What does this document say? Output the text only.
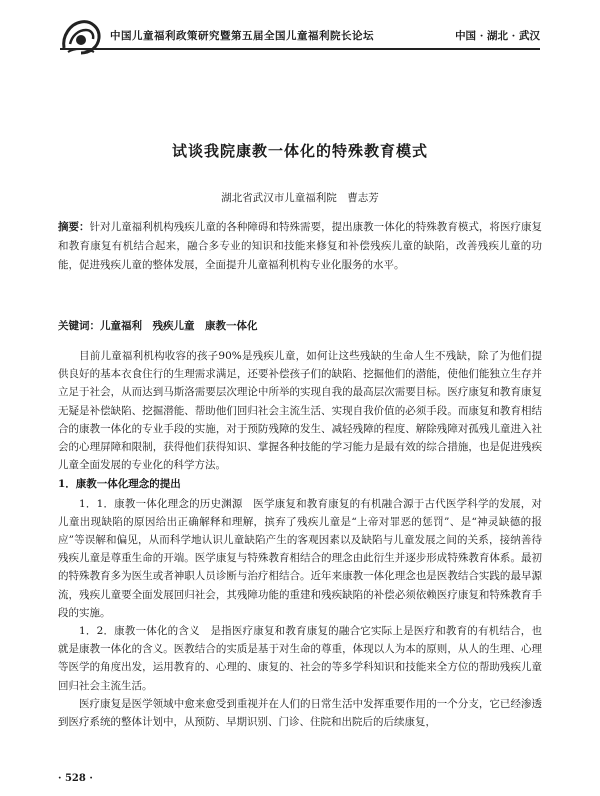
中国儿童福利政策研究暨第五届全国儿童福利院长论坛	中国 · 湖北 · 武汉
试谈我院康教一体化的特殊教育模式
湖北省武汉市儿童福利院　曹志芳
摘要：针对儿童福利机构残疾儿童的各种障碍和特殊需要，提出康教一体化的特殊教育模式，将医疗康复和教育康复有机结合起来，融合多专业的知识和技能来修复和补偿残疾儿童的缺陷，改善残疾儿童的功能，促进残疾儿童的整体发展，全面提升儿童福利机构专业化服务的水平。
关键词：儿童福利　残疾儿童　康教一体化

目前儿童福利机构收容的孩子90%是残疾儿童，如何让这些残缺的生命人生不残缺，除了为他们提供良好的基本衣食住行的生理需求满足，还要补偿孩子们的缺陷、挖掘他们的潜能，使他们能独立生存并立足于社会，从而达到马斯洛需要层次理论中所举的实现自我的最高层次需要目标。医疗康复和教育康复无疑是补偿缺陷、挖掘潜能、帮助他们回归社会主流生活、实现自我价值的必须手段。而康复和教育相结合的康教一体化的专业手段的实施，对于预防残障的发生、减轻残障的程度、解除残障对孤残儿童进入社会的心理屏障和限制，获得他们获得知识、掌握各种技能的学习能力是最有效的综合措施，也是促进残疾儿童全面发展的专业化的科学方法。

1．康教一体化理念的提出

1．1．康教一体化理念的历史渊源　医学康复和教育康复的有机融合源于古代医学科学的发展，对儿童出现缺陷的原因给出正确解释和理解，摈弃了残疾儿童是“上帝对罪恶的惩罚”、是“神灵缺德的报应”等误解和偏见，从而科学地认识儿童缺陷产生的客观因素以及缺陷与儿童发展之间的关系，接纳善待残疾儿童是尊重生命的开端。医学康复与特殊教育相结合的理念由此衍生并逐步形成特殊教育体系。最初的特殊教育多为医生或者神职人员诊断与治疗相结合。近年来康教一体化理念也是医教结合实践的最早源流，残疾儿童要全面发展回归社会，其残障功能的重建和残疾缺陷的补偿必须依赖医疗康复和特殊教育手段的实施。

1．2．康教一体化的含义　是指医疗康复和教育康复的融合它实际上是医疗和教育的有机结合，也就是康教一体化的含义。医教结合的实质是基于对生命的尊重，体现以人为本的原则，从人的生理、心理等医学的角度出发，运用教育的、心理的、康复的、社会的等多学科知识和技能来全方位的帮助残疾儿童回归社会主流生活。

医疗康复是医学领域中愈来愈受到重视并在人们的日常生活中发挥重要作用的一个分支，它已经渗透到医疗系统的整体计划中，从预防、早期识别、门诊、住院和出院后的后续康复，

· 528 ·
